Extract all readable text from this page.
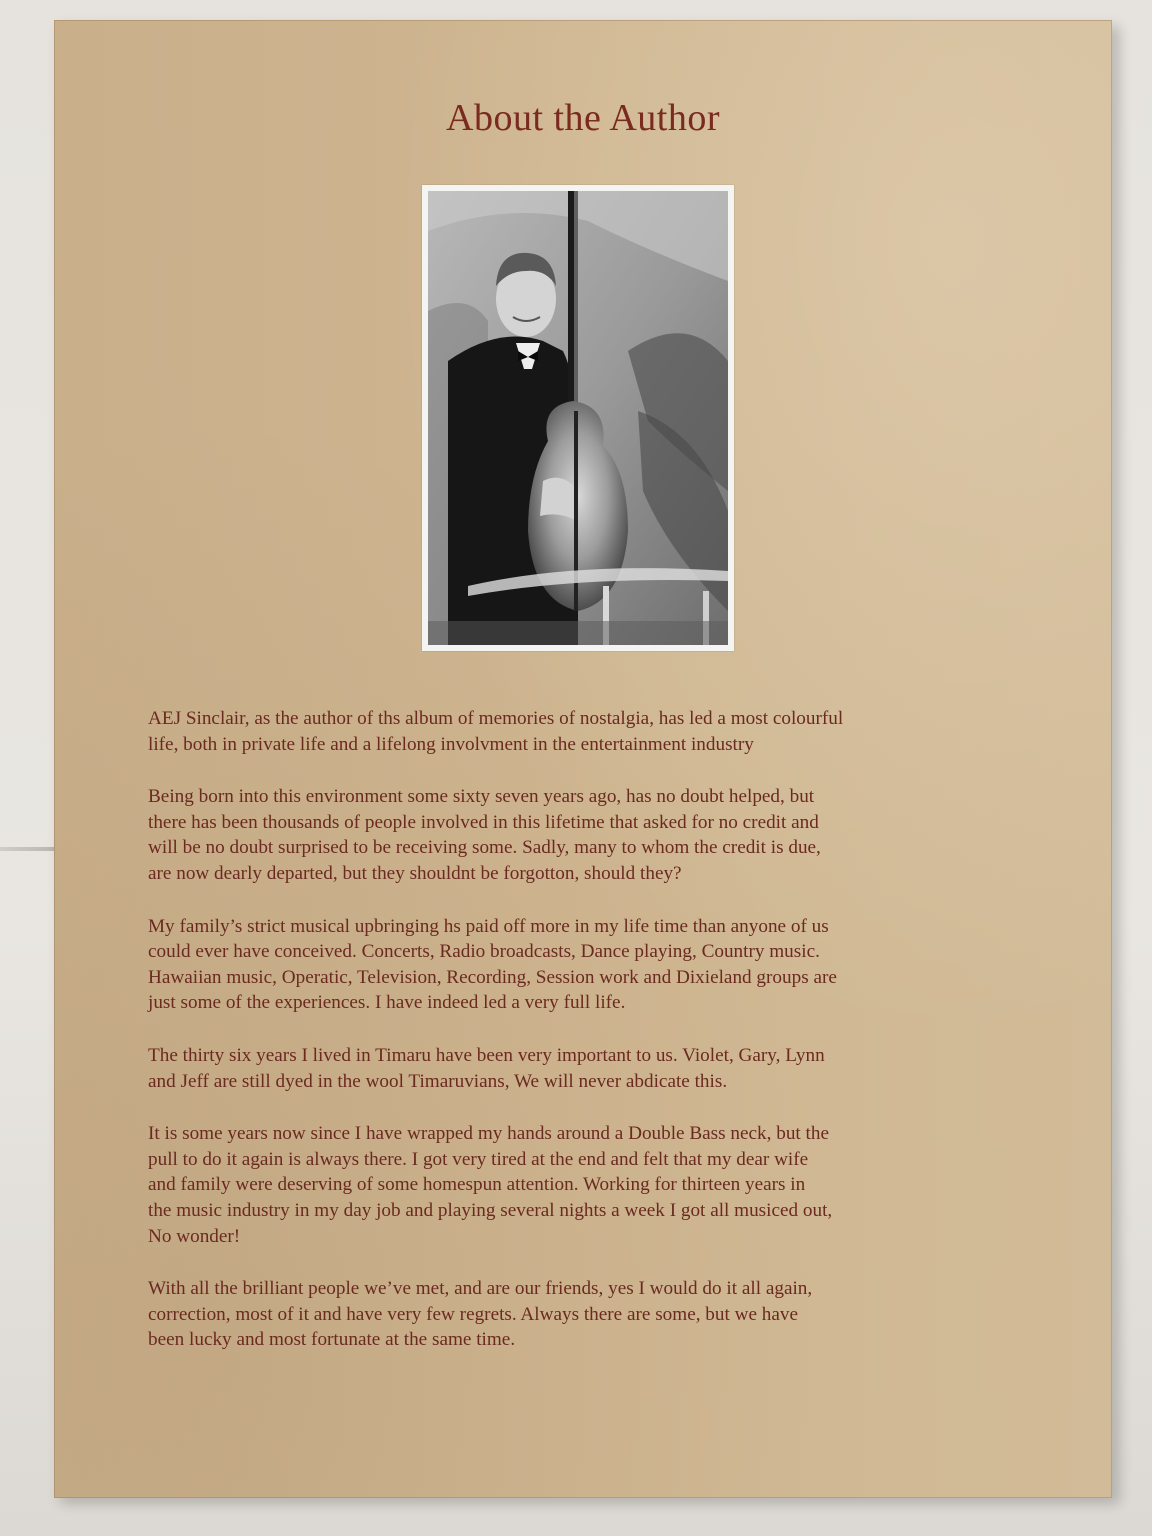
About the Author

AEJ Sinclair, as the author of ths album of memories of nostalgia, has led a most colourful
life, both in private life and a lifelong involvment in the entertainment industry

Being born into this environment some sixty seven years ago, has no doubt helped, but
there has been thousands of people involved in this lifetime that asked for no credit and
will be no doubt surprised to be receiving some. Sadly, many to whom the credit is due,
are now dearly departed, but they shouldnt be forgotton, should they?

My family’s strict musical upbringing hs paid off more in my life time than anyone of us
could ever have conceived. Concerts, Radio broadcasts, Dance playing, Country music.
Hawaiian music, Operatic, Television, Recording, Session work and Dixieland groups are
just some of the experiences. I have indeed led a very full life.

The thirty six years I lived in Timaru have been very important to us. Violet, Gary, Lynn
and Jeff are still dyed in the wool Timaruvians, We will never abdicate this.

It is some years now since I have wrapped my hands around a Double Bass neck, but the
pull to do it again is always there. I got very tired at the end and felt that my dear wife
and family were deserving of some homespun attention. Working for thirteen years in
the music industry in my day job and playing several nights a week I got all musiced out,
No wonder!

With all the brilliant people we’ve met, and are our friends, yes I would do it all again,
correction, most of it and have very few regrets. Always there are some, but we have
been lucky and most fortunate at the same time.
